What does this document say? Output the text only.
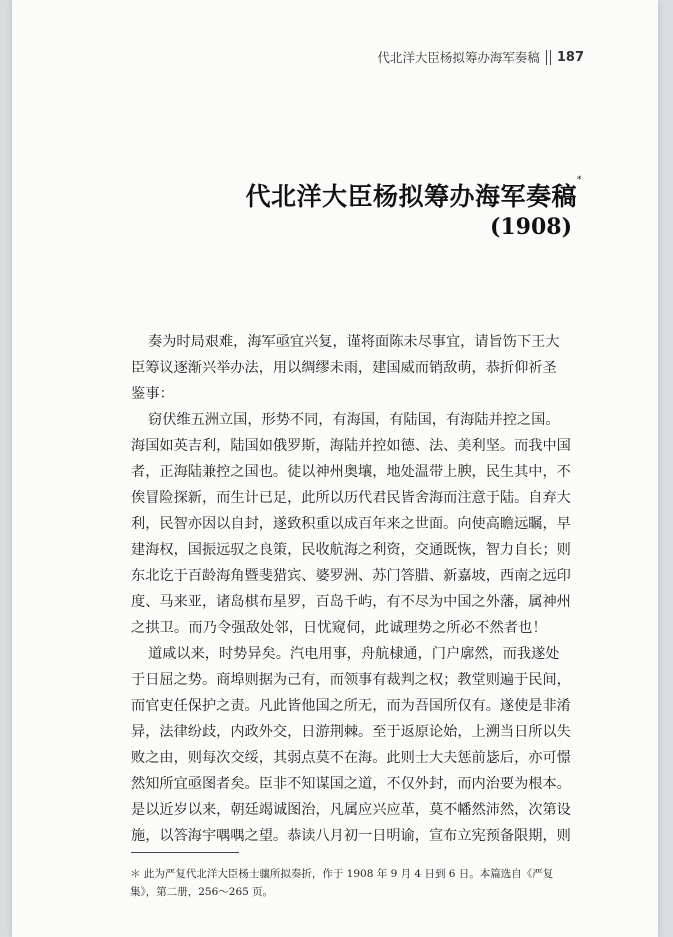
代北洋大臣杨拟筹办海军奏稿 187
代北洋大臣杨拟筹办海军奏稿*
(1908)
奏为时局艰难，海军亟宜兴复，谨将面陈未尽事宜，请旨饬下王大
臣筹议逐渐兴举办法，用以绸缪未雨，建国威而销敌萌，恭折仰祈圣
鉴事：
窃伏维五洲立国，形势不同，有海国，有陆国，有海陆并控之国。
海国如英吉利，陆国如俄罗斯，海陆并控如德、法、美利坚。而我中国
者，正海陆兼控之国也。徒以神州奥壤，地处温带上腴，民生其中，不
俟冒险探新，而生计已足，此所以历代君民皆舍海而注意于陆。自弃大
利，民智亦因以自封，遂致积重以成百年来之世面。向使高瞻远瞩，早
建海权，国振远驭之良策，民收航海之利资，交通既恢，智力自长；则
东北讫于百龄海角暨斐猎宾、婆罗洲、苏门答腊、新嘉坡，西南之远印
度、马来亚，诸岛棋布星罗，百岛千屿，有不尽为中国之外藩，属神州
之拱卫。而乃令强敌处邻，日忧窥伺，此诚理势之所必不然者也！
道咸以来，时势异矣。汽电用事，舟航棣通，门户廓然，而我遂处
于日屈之势。商埠则据为己有，而领事有裁判之权；教堂则遍于民间，
而官吏任保护之责。凡此皆他国之所无，而为吾国所仅有。遂使是非淆
异，法律纷歧，内政外交，日游荆棘。至于返原论始，上溯当日所以失
败之由，则每次交绥，其弱点莫不在海。此则士大夫惩前毖后，亦可憬
然知所宜亟图者矣。臣非不知谋国之道，不仅外封，而内治要为根本。
是以近岁以来，朝廷竭诚图治，凡属应兴应革，莫不幡然沛然，次第设
施，以答海宇喁喁之望。恭读八月初一日明谕，宣布立宪预备限期，则
＊ 此为严复代北洋大臣杨士骧所拟奏折，作于 1908 年 9 月 4 日到 6 日。本篇选自《严复
集》，第二册，256～265 页。
